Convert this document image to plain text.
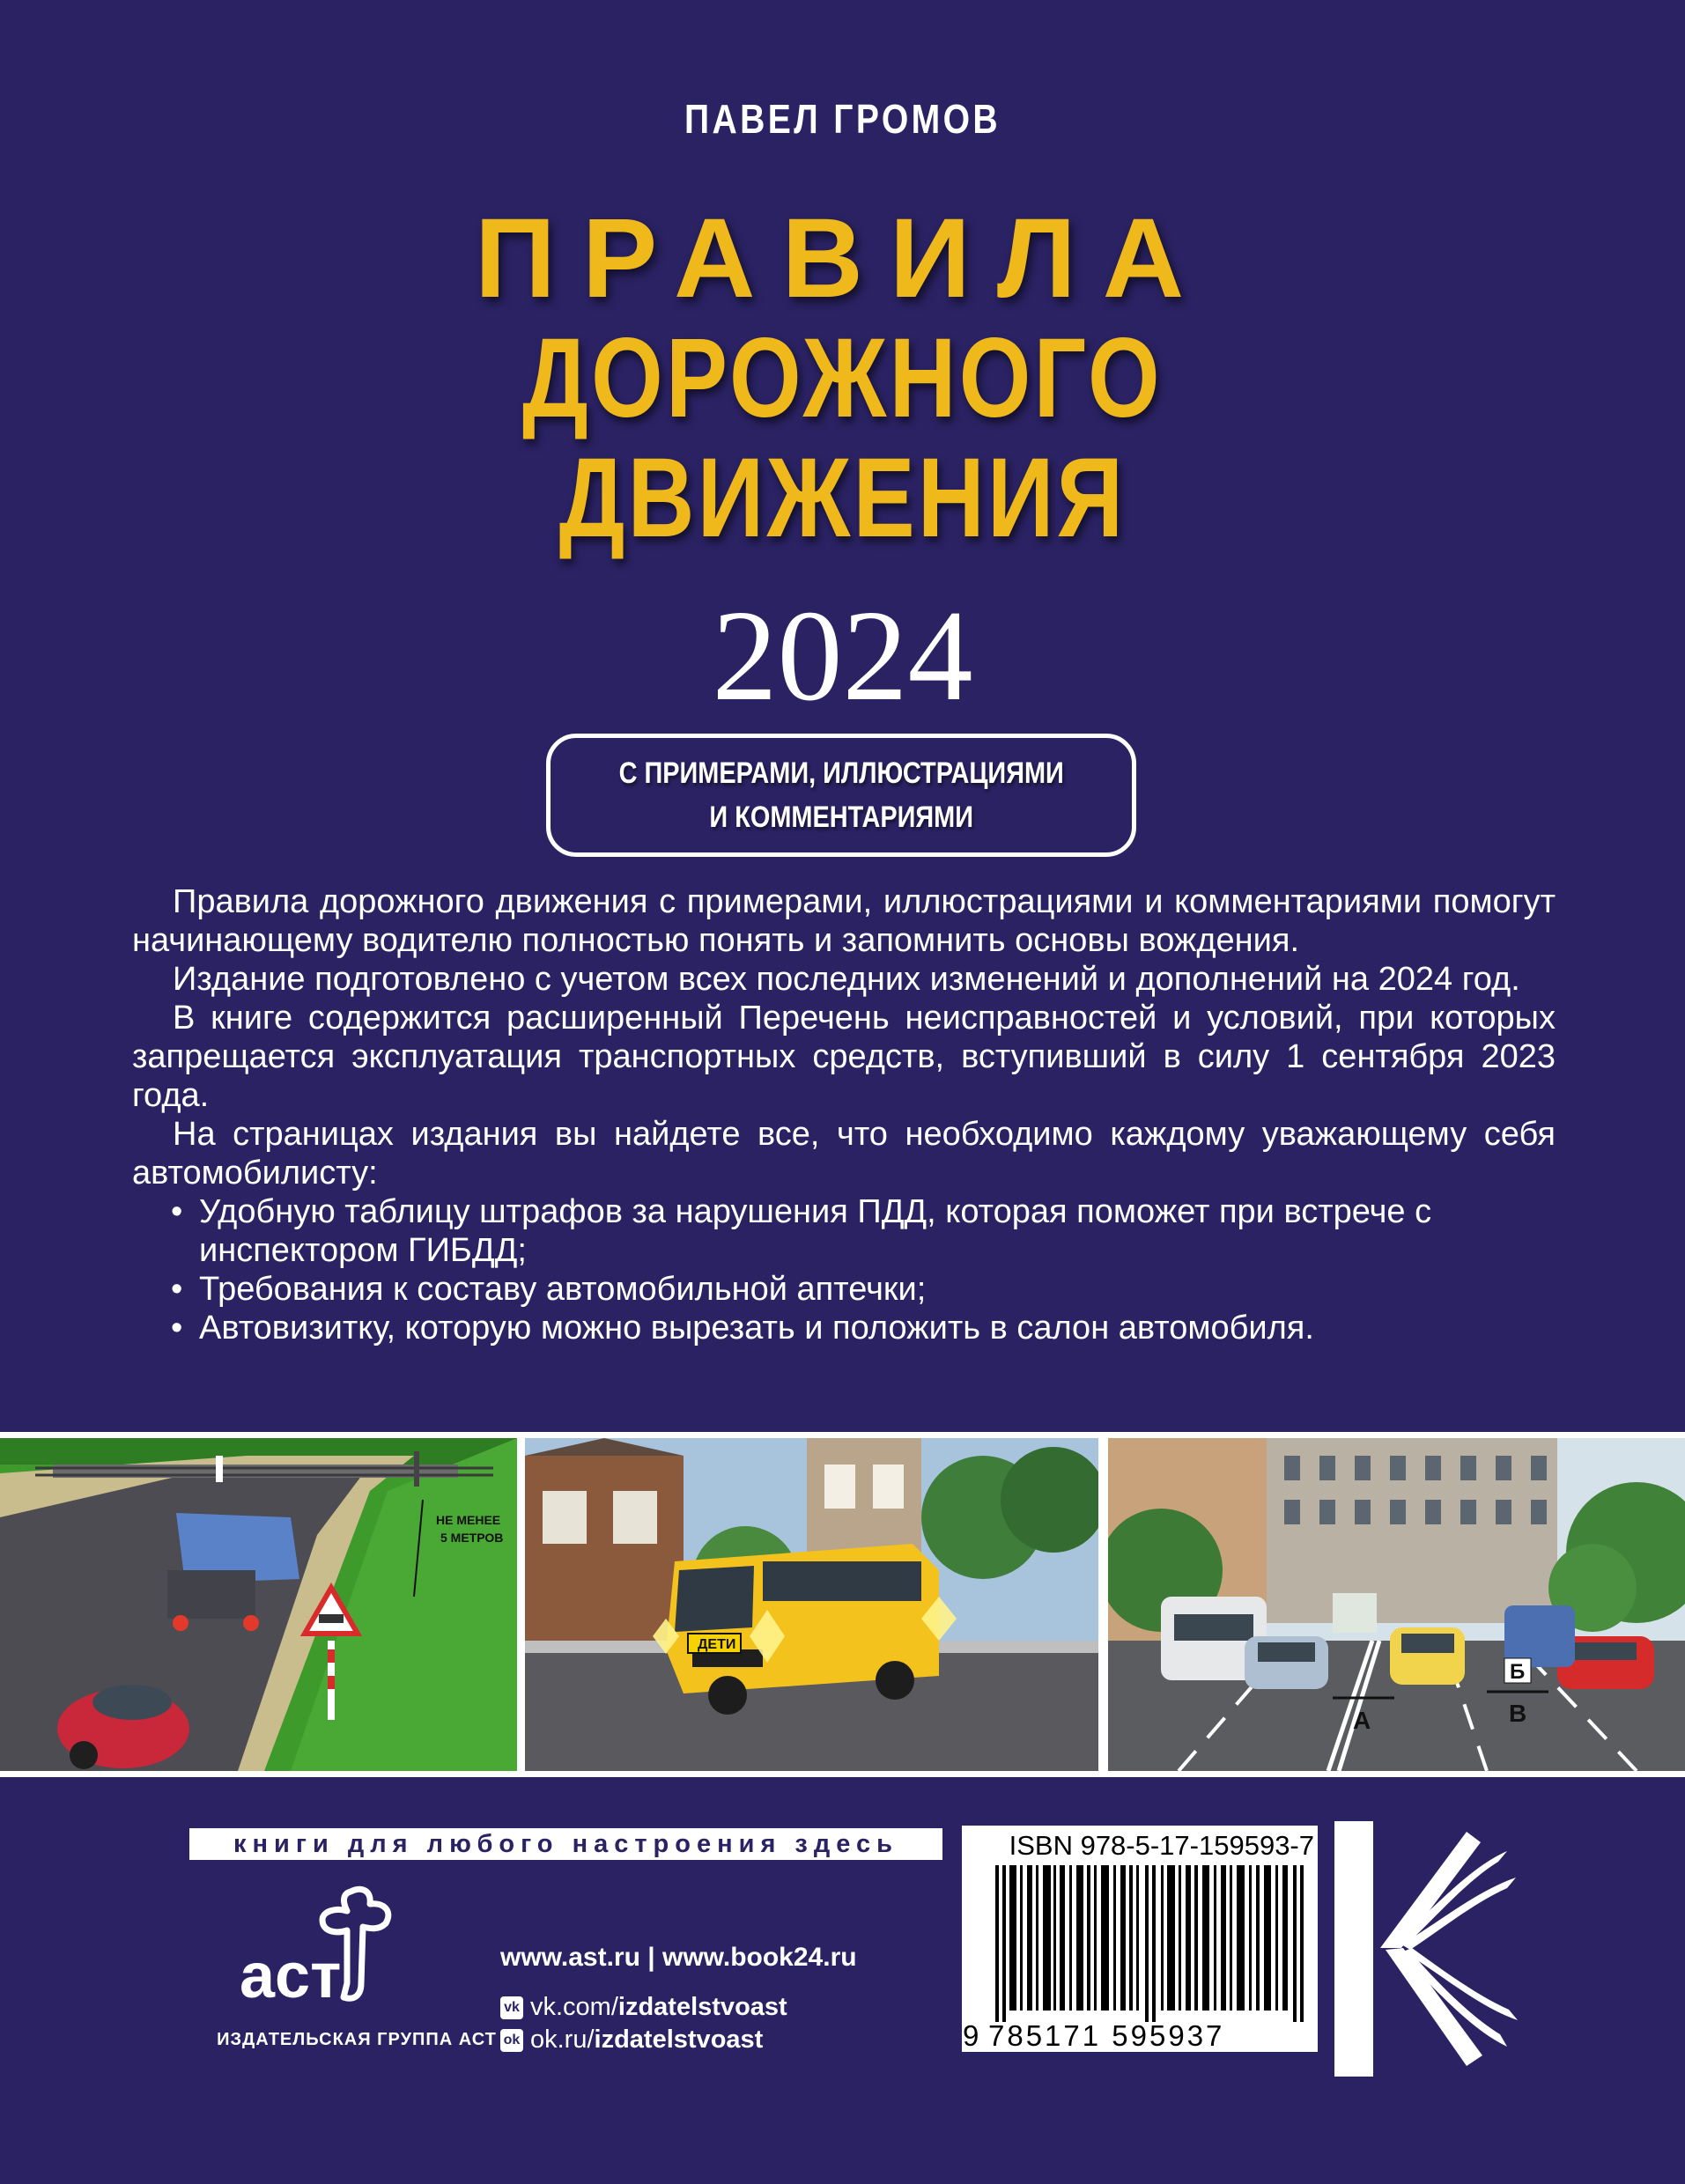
ПАВЕЛ ГРОМОВ
ПРАВИЛА
ДОРОЖНОГО
ДВИЖЕНИЯ
2024
С ПРИМЕРАМИ, ИЛЛЮСТРАЦИЯМИ
И КОММЕНТАРИЯМИ

Правила дорожного движения с примерами, иллюстрациями и комментариями помогут начинающему водителю полностью понять и запомнить основы вождения.

Издание подготовлено с учетом всех последних изменений и дополнений на 2024 год.

В книге содержится расширенный Перечень неисправностей и условий, при которых запрещается эксплуатация транспортных средств, вступивший в силу 1 сентября 2023 года.

На страницах издания вы найдете все, что необходимо каждому уважающему себя автомобилисту:

• Удобную таблицу штрафов за нарушения ПДД, которая поможет при встрече с инспектором ГИБДД;
• Требования к составу автомобильной аптечки;
• Автовизитку, которую можно вырезать и положить в салон автомобиля.
НЕ МЕНЕЕ
5 МЕТРОВ
ДЕТИ
А
Б
В
книги для любого настроения здесь
аст
ИЗДАТЕЛЬСКАЯ ГРУППА АСТ
www.ast.ru | www.book24.ru
vk vk.com/ izdatelstvoast
ok ok.ru/ izdatelstvoast
ISBN 978-5-17-159593-7
9 785171 595937
